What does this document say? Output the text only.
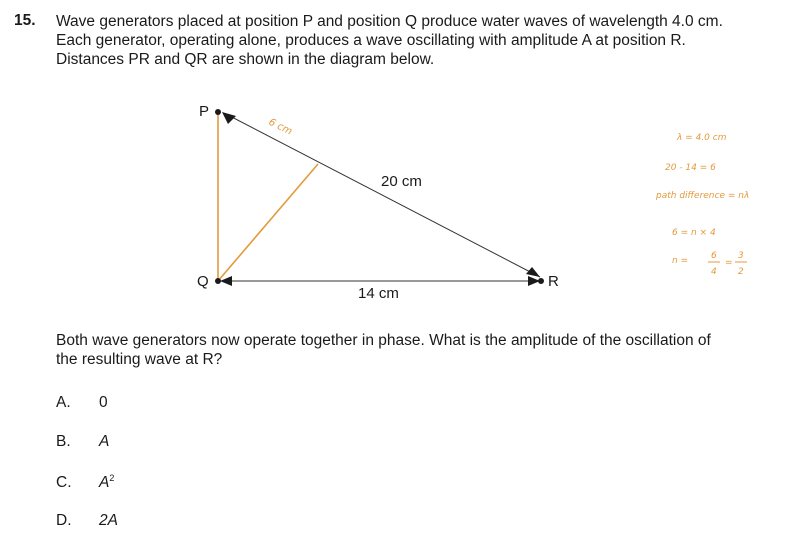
15. Wave generators placed at position P and position Q produce water waves of wavelength 4.0 cm.

Each generator, operating alone, produces a wave oscillating with amplitude A at position R.

Distances PR and QR are shown in the diagram below.

P
Q	R
20 cm
14 cm
6 cm
λ = 4.0 cm
20 - 14 = 6
path difference = nλ
6 = n × 4
n =	6
4
=
3
2

Both wave generators now operate together in phase. What is the amplitude of the oscillation of

the resulting wave at R?

A. 0
B. A
C. $A^2$
D. 2A
